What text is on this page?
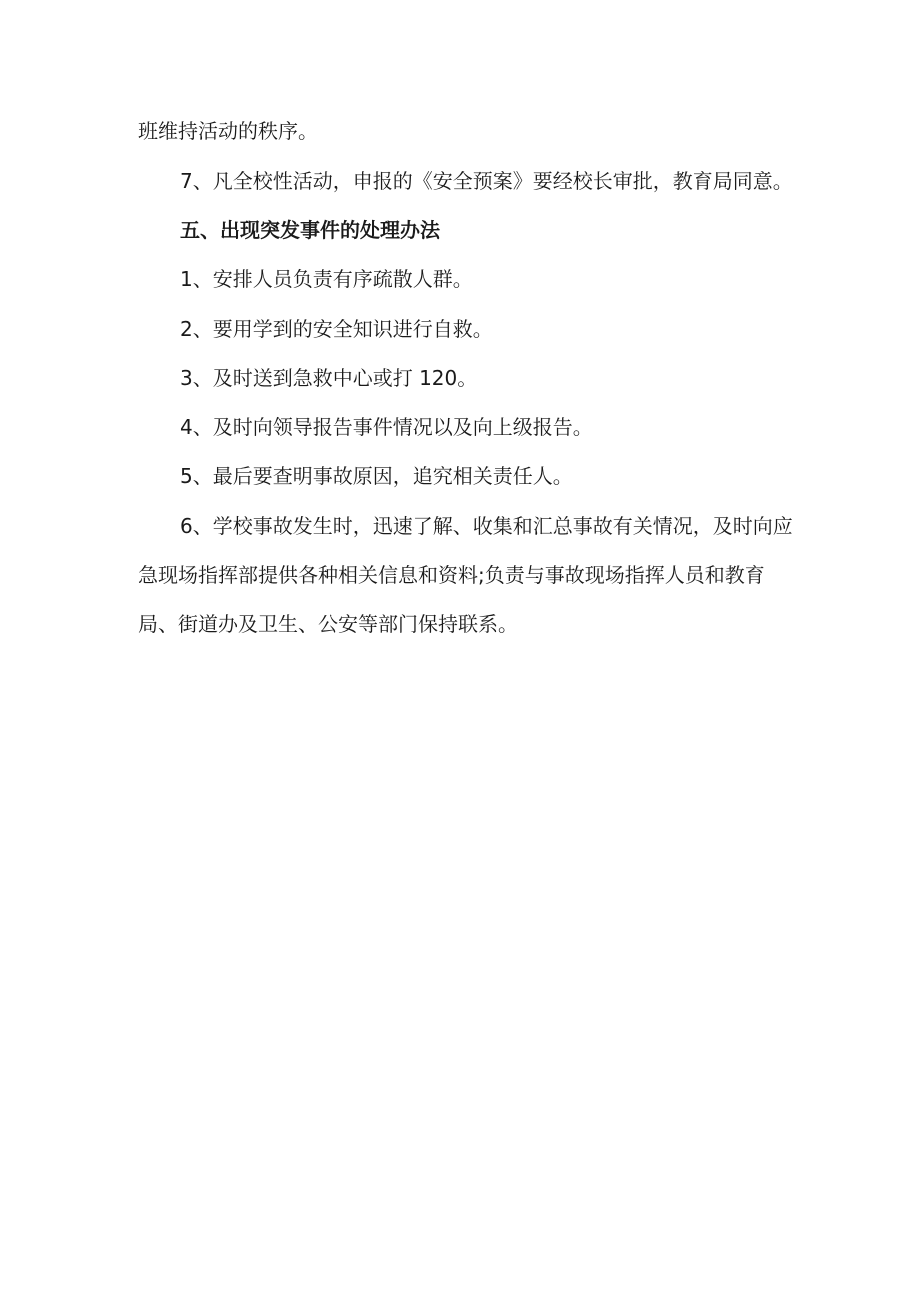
班维持活动的秩序。

7、凡全校性活动，申报的《安全预案》要经校长审批，教育局同意。

五、出现突发事件的处理办法

1、安排人员负责有序疏散人群。

2、要用学到的安全知识进行自救。

3、及时送到急救中心或打 120。

4、及时向领导报告事件情况以及向上级报告。

5、最后要查明事故原因，追究相关责任人。

6、学校事故发生时，迅速了解、收集和汇总事故有关情况，及时向应

急现场指挥部提供各种相关信息和资料;负责与事故现场指挥人员和教育

局、街道办及卫生、公安等部门保持联系。
